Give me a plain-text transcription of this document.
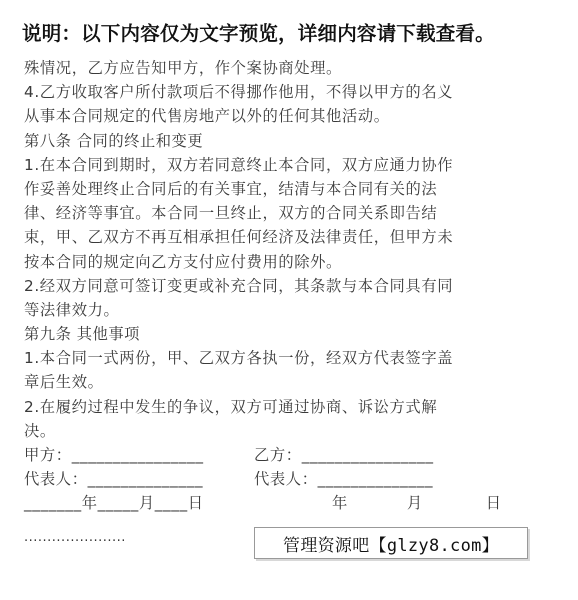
说明：以下内容仅为文字预览，详细内容请下载查看。
殊情况，乙方应告知甲方，作个案协商处理。
4.乙方收取客户所付款项后不得挪作他用，不得以甲方的名义
从事本合同规定的代售房地产以外的任何其他活动。
第八条 合同的终止和变更
1.在本合同到期时，双方若同意终止本合同，双方应通力协作
作妥善处理终止合同后的有关事宜，结清与本合同有关的法
律、经济等事宜。本合同一旦终止，双方的合同关系即告结
束，甲、乙双方不再互相承担任何经济及法律责任，但甲方未
按本合同的规定向乙方支付应付费用的除外。
2.经双方同意可签订变更或补充合同，其条款与本合同具有同
等法律效力。
第九条 其他事项
1.本合同一式两份，甲、乙双方各执一份，经双方代表签字盖
章后生效。
2.在履约过程中发生的争议，双方可通过协商、诉讼方式解
决。
甲方：________________	乙方：________________
代表人：______________	代表人：______________
_______年_____月____日	年	月	日
······················	管理资源吧【glzy8.com】
